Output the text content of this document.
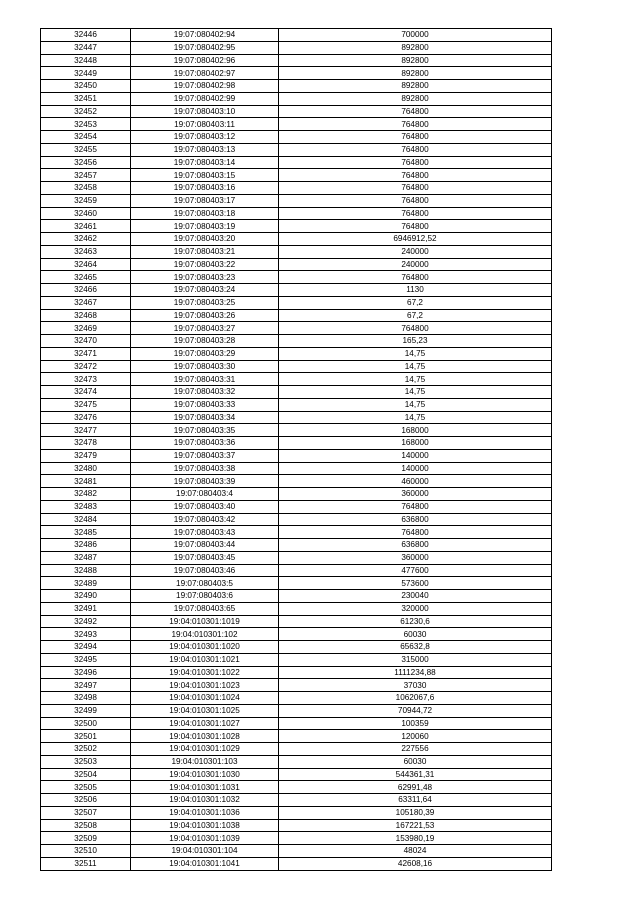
32446	19:07:080402:94	700000
32447	19:07:080402:95	892800
32448	19:07:080402:96	892800
32449	19:07:080402:97	892800
32450	19:07:080402:98	892800
32451	19:07:080402:99	892800
32452	19:07:080403:10	764800
32453	19:07:080403:11	764800
32454	19:07:080403:12	764800
32455	19:07:080403:13	764800
32456	19:07:080403:14	764800
32457	19:07:080403:15	764800
32458	19:07:080403:16	764800
32459	19:07:080403:17	764800
32460	19:07:080403:18	764800
32461	19:07:080403:19	764800
32462	19:07:080403:20	6946912,52
32463	19:07:080403:21	240000
32464	19:07:080403:22	240000
32465	19:07:080403:23	764800
32466	19:07:080403:24	1130
32467	19:07:080403:25	67,2
32468	19:07:080403:26	67,2
32469	19:07:080403:27	764800
32470	19:07:080403:28	165,23
32471	19:07:080403:29	14,75
32472	19:07:080403:30	14,75
32473	19:07:080403:31	14,75
32474	19:07:080403:32	14,75
32475	19:07:080403:33	14,75
32476	19:07:080403:34	14,75
32477	19:07:080403:35	168000
32478	19:07:080403:36	168000
32479	19:07:080403:37	140000
32480	19:07:080403:38	140000
32481	19:07:080403:39	460000
32482	19:07:080403:4	360000
32483	19:07:080403:40	764800
32484	19:07:080403:42	636800
32485	19:07:080403:43	764800
32486	19:07:080403:44	636800
32487	19:07:080403:45	360000
32488	19:07:080403:46	477600
32489	19:07:080403:5	573600
32490	19:07:080403:6	230040
32491	19:07:080403:65	320000
32492	19:04:010301:1019	61230,6
32493	19:04:010301:102	60030
32494	19:04:010301:1020	65632,8
32495	19:04:010301:1021	315000
32496	19:04:010301:1022	1111234,88
32497	19:04:010301:1023	37030
32498	19:04:010301:1024	1062067,6
32499	19:04:010301:1025	70944,72
32500	19:04:010301:1027	100359
32501	19:04:010301:1028	120060
32502	19:04:010301:1029	227556
32503	19:04:010301:103	60030
32504	19:04:010301:1030	544361,31
32505	19:04:010301:1031	62991,48
32506	19:04:010301:1032	63311,64
32507	19:04:010301:1036	105180,39
32508	19:04:010301:1038	167221,53
32509	19:04:010301:1039	153980,19
32510	19:04:010301:104	48024
32511	19:04:010301:1041	42608,16
